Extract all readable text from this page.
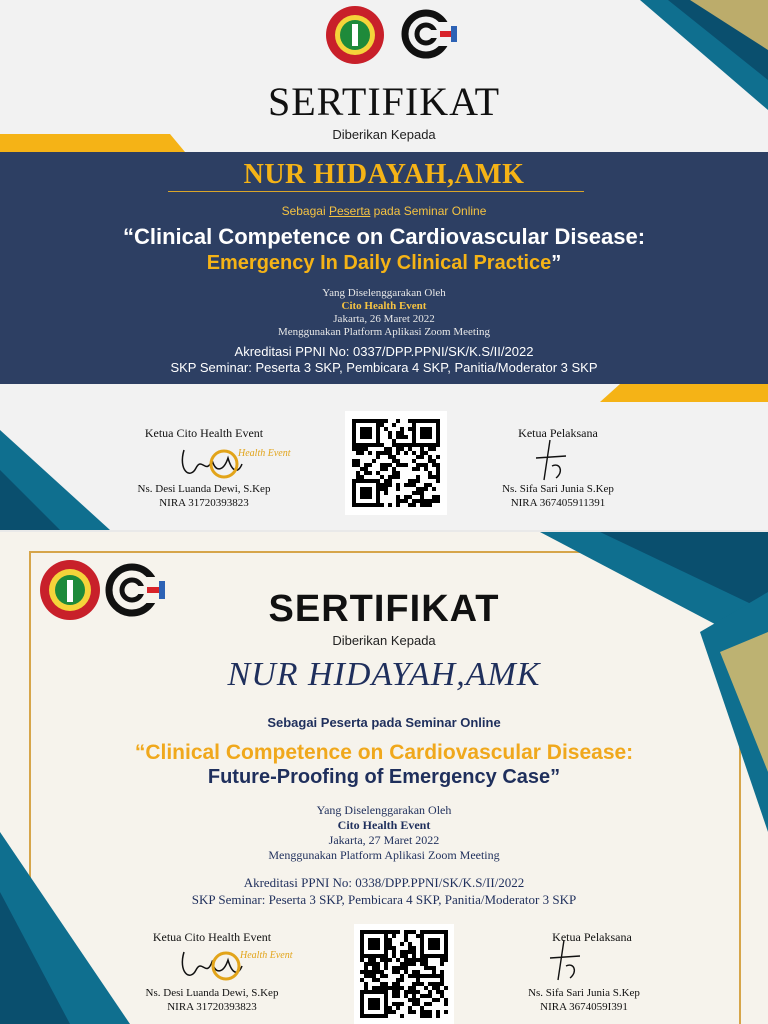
SERTIFIKAT
Diberikan Kepada
NUR HIDAYAH,AMK
Sebagai Peserta pada Seminar Online
“Clinical Competence on Cardiovascular Disease:
Emergency In Daily Clinical Practice”
Yang Diselenggarakan Oleh
Cito Health Event
Jakarta, 26 Maret 2022
Menggunakan Platform Aplikasi Zoom Meeting
Akreditasi PPNI No: 0337/DPP.PPNI/SK/K.S/II/2022
SKP Seminar: Peserta 3 SKP, Pembicara 4 SKP, Panitia/Moderator 3 SKP
Ketua Cito Health Event
Health Event
Ns. Desi Luanda Dewi, S.Kep
NIRA 31720393823
Ketua Pelaksana
Ns. Sifa Sari Junia S.Kep
NIRA 367405911391
SERTIFIKAT
Diberikan Kepada
NUR HIDAYAH,AMK
Sebagai Peserta pada Seminar Online
“Clinical Competence on Cardiovascular Disease:
Future-Proofing of Emergency Case”
Yang Diselenggarakan Oleh
Cito Health Event
Jakarta, 27 Maret 2022
Menggunakan Platform Aplikasi Zoom Meeting
Akreditasi PPNI No: 0338/DPP.PPNI/SK/K.S/II/2022
SKP Seminar: Peserta 3 SKP, Pembicara 4 SKP, Panitia/Moderator 3 SKP
Ketua Cito Health Event
Health Event
Ns. Desi Luanda Dewi, S.Kep
NIRA 31720393823
Ketua Pelaksana
Ns. Sifa Sari Junia S.Kep
NIRA 3674059I391
